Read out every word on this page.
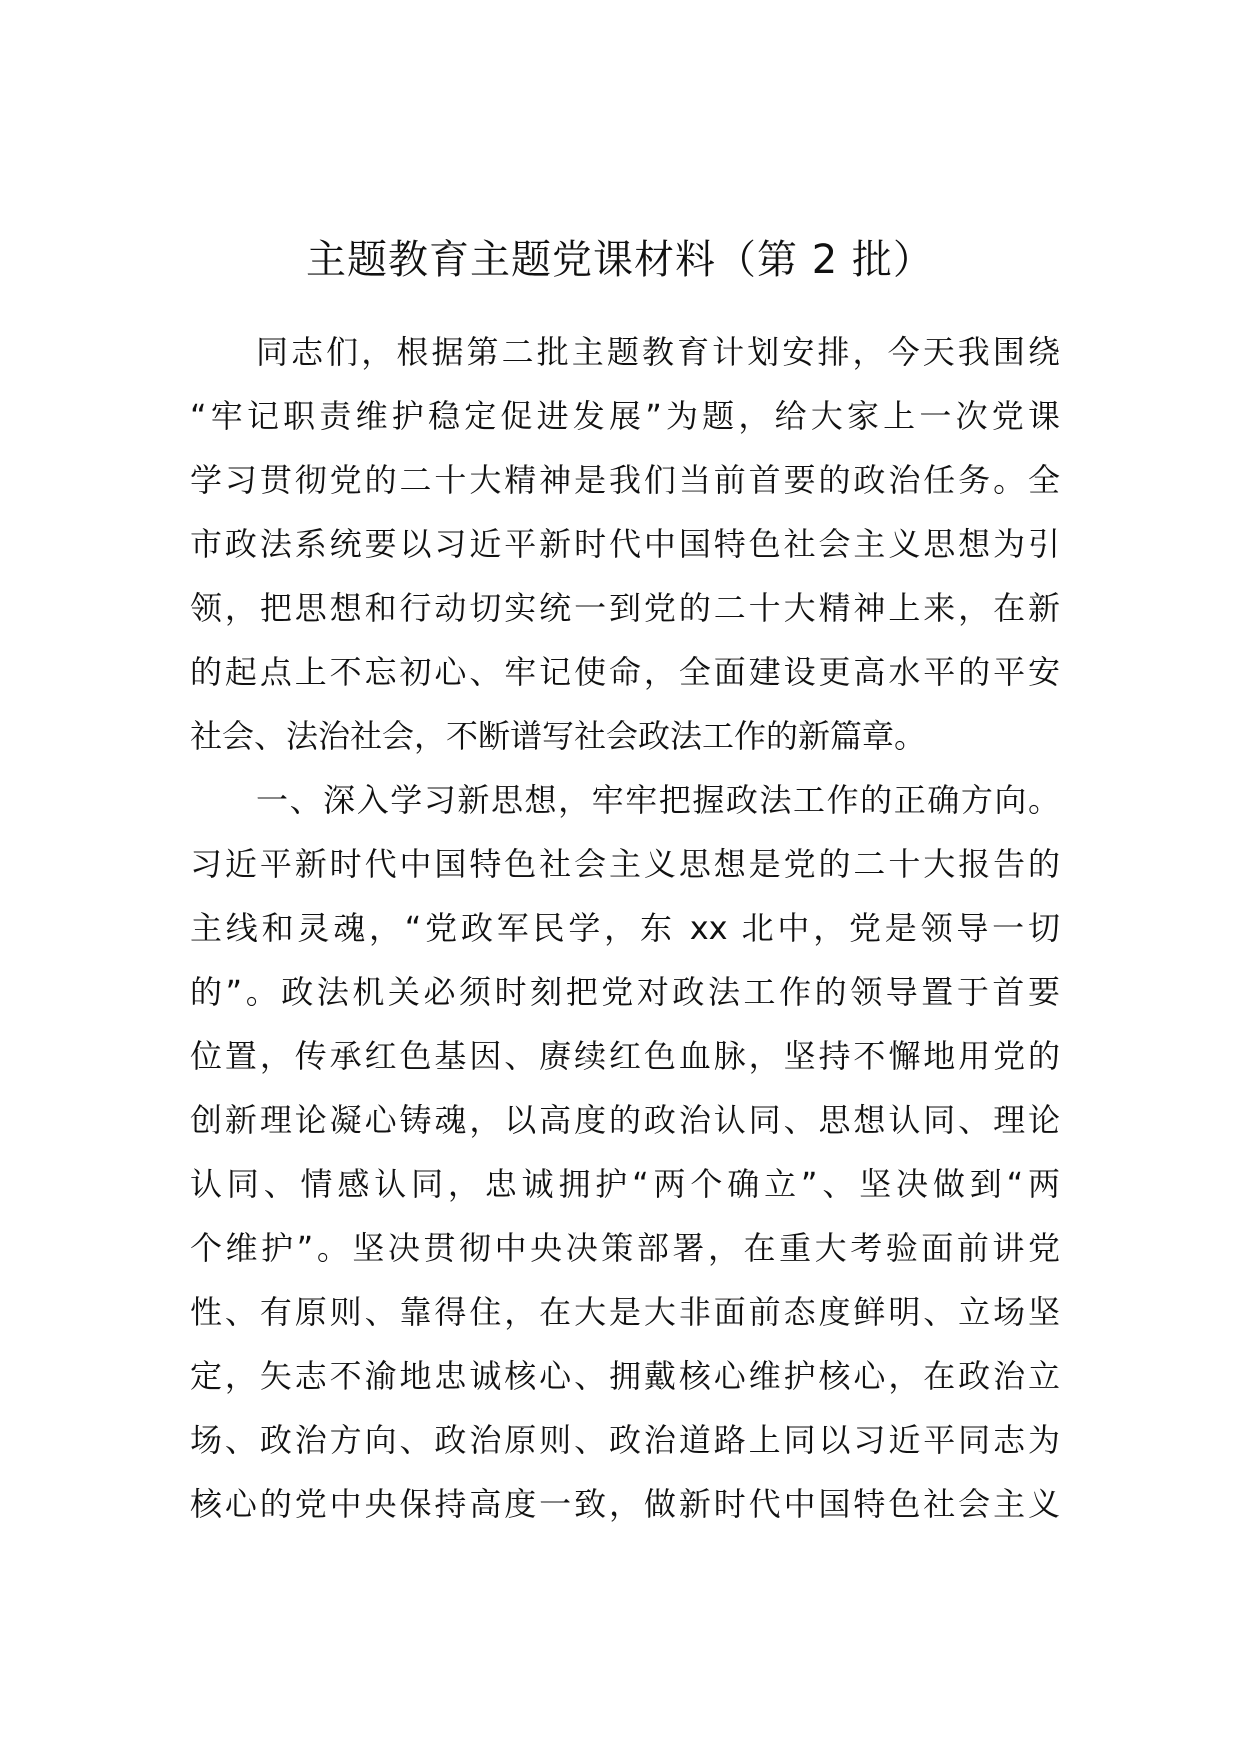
主题教育主题党课材料（第 2 批）
同志们，根据第二批主题教育计划安排，今天我围绕
“牢记职责维护稳定促进发展”为题，给大家上一次党课
学习贯彻党的二十大精神是我们当前首要的政治任务。全
市政法系统要以习近平新时代中国特色社会主义思想为引
领，把思想和行动切实统一到党的二十大精神上来，在新
的起点上不忘初心、牢记使命，全面建设更高水平的平安
社会、法治社会，不断谱写社会政法工作的新篇章。
一、深入学习新思想，牢牢把握政法工作的正确方向。
习近平新时代中国特色社会主义思想是党的二十大报告的
主线和灵魂，“党政军民学，东 xx 北中，党是领导一切
的”。政法机关必须时刻把党对政法工作的领导置于首要
位置，传承红色基因、赓续红色血脉，坚持不懈地用党的
创新理论凝心铸魂，以高度的政治认同、思想认同、理论
认同、情感认同，忠诚拥护“两个确立”、坚决做到“两
个维护”。坚决贯彻中央决策部署，在重大考验面前讲党
性、有原则、靠得住，在大是大非面前态度鲜明、立场坚
定，矢志不渝地忠诚核心、拥戴核心维护核心，在政治立
场、政治方向、政治原则、政治道路上同以习近平同志为
核心的党中央保持高度一致，做新时代中国特色社会主义
